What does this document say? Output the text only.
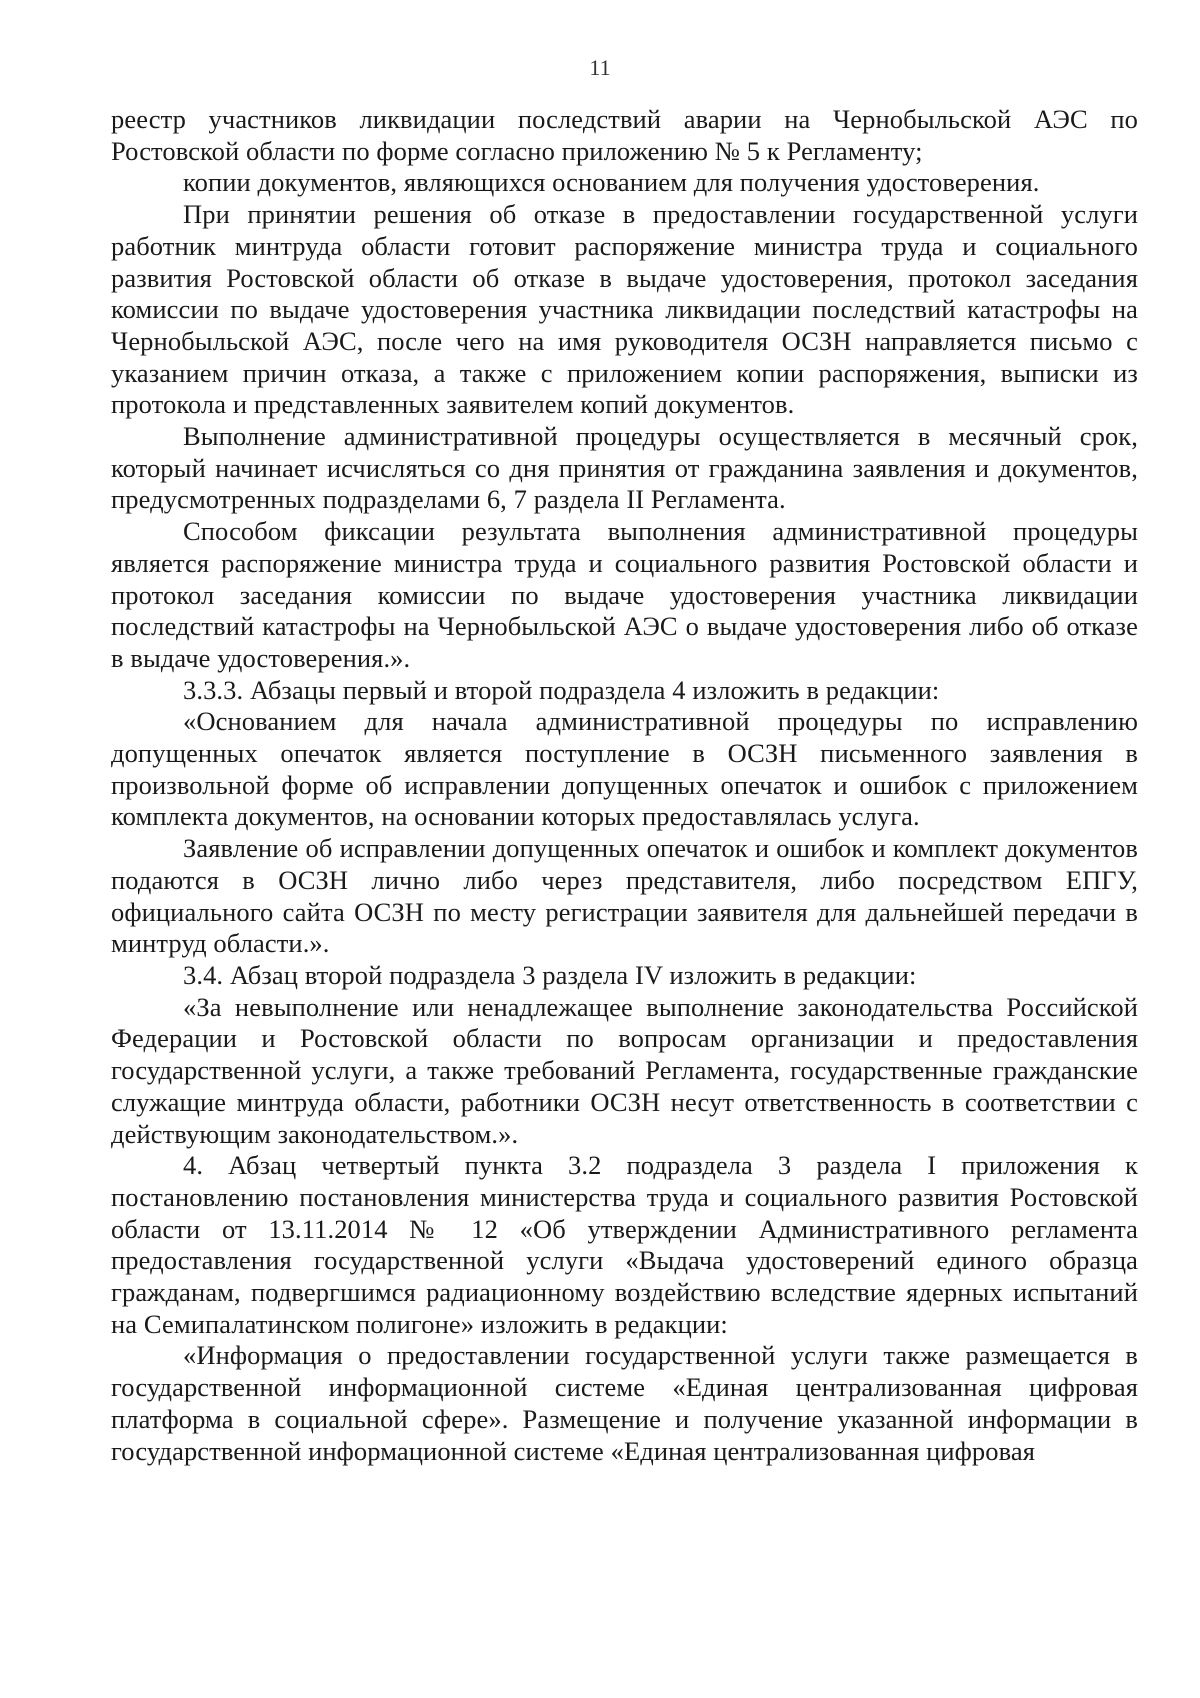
11

реестр участников ликвидации последствий аварии на Чернобыльской АЭС по Ростовской области по форме согласно приложению № 5 к Регламенту;

копии документов, являющихся основанием для получения удостоверения.

При принятии решения об отказе в предоставлении государственной услуги работник минтруда области готовит распоряжение министра труда и социального развития Ростовской области об отказе в выдаче удостоверения, протокол заседания комиссии по выдаче удостоверения участника ликвидации последствий катастрофы на Чернобыльской АЭС, после чего на имя руководителя ОСЗН направляется письмо с указанием причин отказа, а также с приложением копии распоряжения, выписки из протокола и представленных заявителем копий документов.

Выполнение административной процедуры осуществляется в месячный срок, который начинает исчисляться со дня принятия от гражданина заявления и документов, предусмотренных подразделами 6, 7 раздела II Регламента.

Способом фиксации результата выполнения административной процедуры является распоряжение министра труда и социального развития Ростовской области и протокол заседания комиссии по выдаче удостоверения участника ликвидации последствий катастрофы на Чернобыльской АЭС о выдаче удостоверения либо об отказе в выдаче удостоверения.».

3.3.3. Абзацы первый и второй подраздела 4 изложить в редакции:

«Основанием для начала административной процедуры по исправлению допущенных опечаток является поступление в ОСЗН письменного заявления в произвольной форме об исправлении допущенных опечаток и ошибок с приложением комплекта документов, на основании которых предоставлялась услуга.

Заявление об исправлении допущенных опечаток и ошибок и комплект документов подаются в ОСЗН лично либо через представителя, либо посредством ЕПГУ, официального сайта ОСЗН по месту регистрации заявителя для дальнейшей передачи в минтруд области.».

3.4. Абзац второй подраздела 3 раздела IV изложить в редакции:

«За невыполнение или ненадлежащее выполнение законодательства Российской Федерации и Ростовской области по вопросам организации и предоставления государственной услуги, а также требований Регламента, государственные гражданские служащие минтруда области, работники ОСЗН несут ответственность в соответствии с действующим законодательством.».

4. Абзац четвертый пункта 3.2 подраздела 3 раздела I приложения к постановлению постановления министерства труда и социального развития Ростовской области от 13.11.2014 № 12 «Об утверждении Административного регламента предоставления государственной услуги «Выдача удостоверений единого образца гражданам, подвергшимся радиационному воздействию вследствие ядерных испытаний на Семипалатинском полигоне» изложить в редакции:

«Информация о предоставлении государственной услуги также размещается в государственной информационной системе «Единая централизованная цифровая платформа в социальной сфере». Размещение и получение указанной информации в государственной информационной системе «Единая централизованная цифровая
